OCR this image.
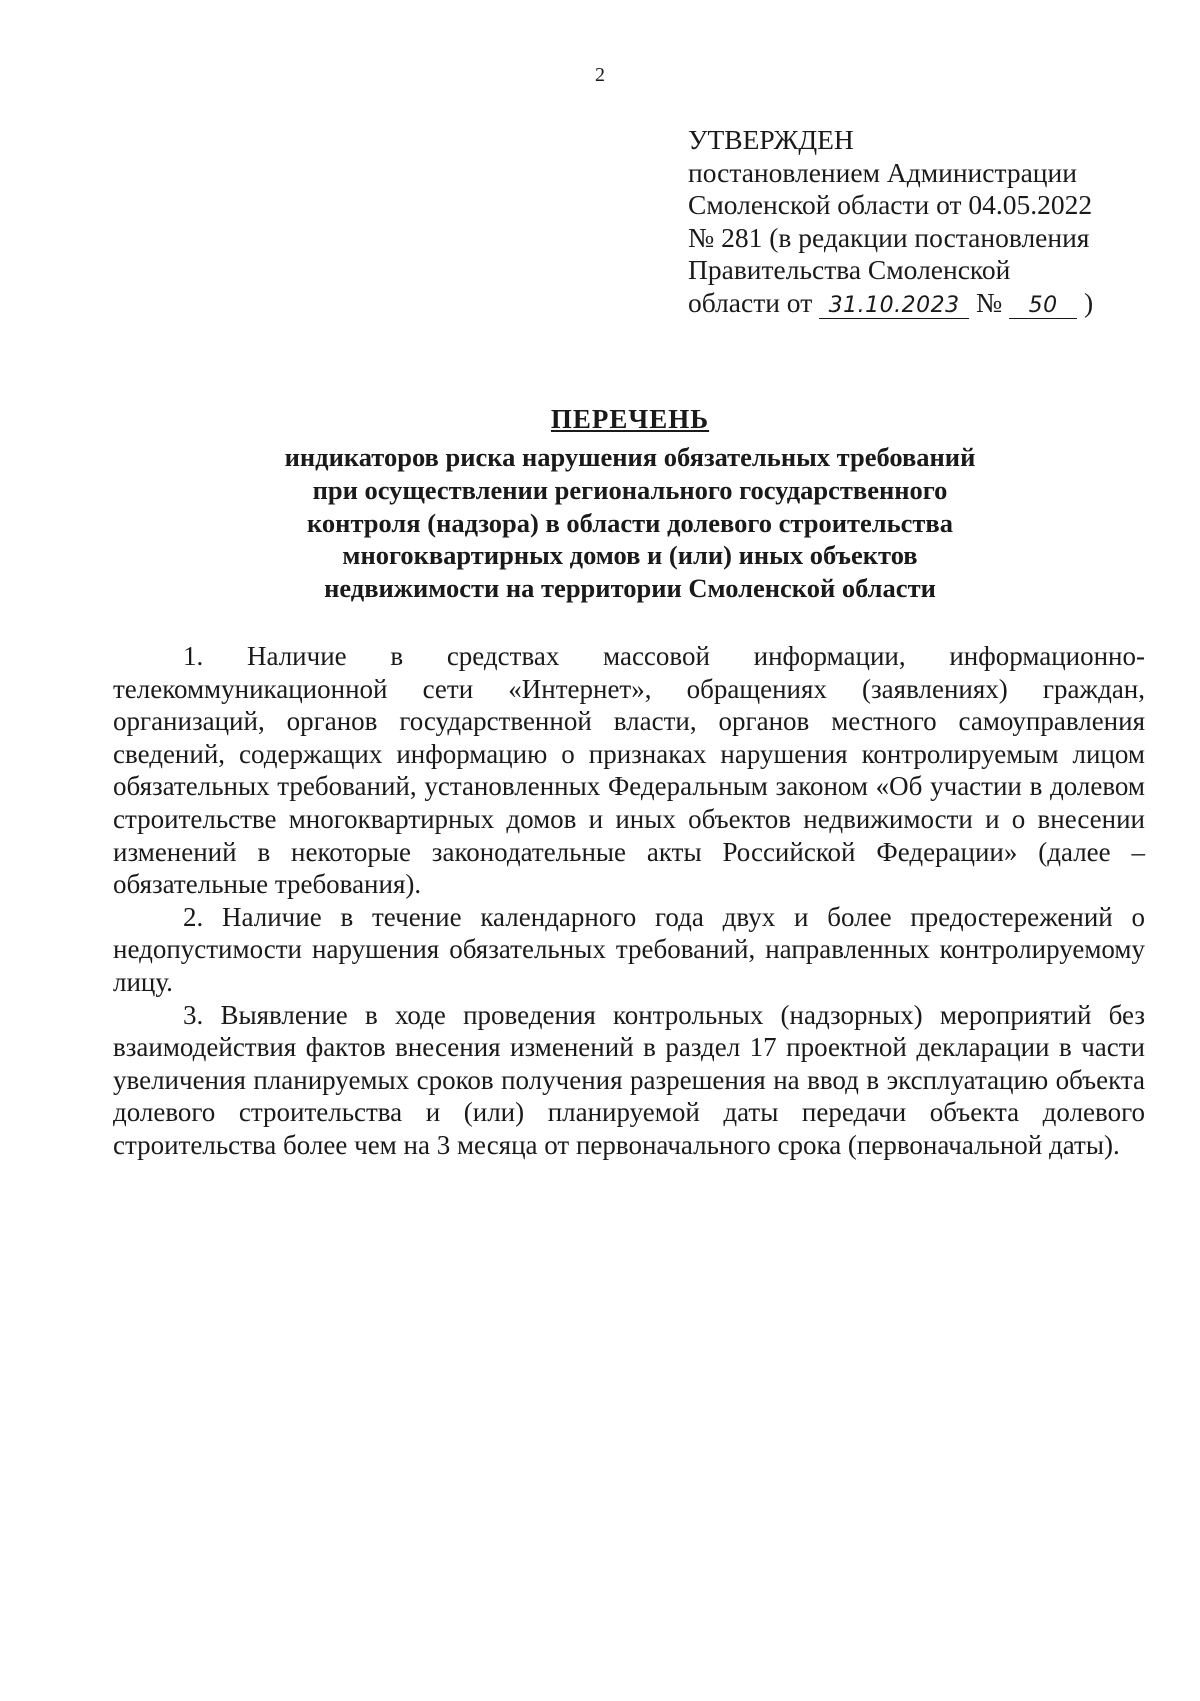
2
УТВЕРЖДЕН
постановлением Администрации
Смоленской области от 04.05.2022
№ 281 (в редакции постановления
Правительства Смоленской
области от 31.10.2023 № 50 )
ПЕРЕЧЕНЬ
индикаторов риска нарушения обязательных требований
при осуществлении регионального государственного
контроля (надзора) в области долевого строительства
многоквартирных домов и (или) иных объектов
недвижимости на территории Смоленской области

1. Наличие в средствах массовой информации, информационно-телекоммуникационной сети «Интернет», обращениях (заявлениях) граждан, организаций, органов государственной власти, органов местного самоуправления сведений, содержащих информацию о признаках нарушения контролируемым лицом обязательных требований, установленных Федеральным законом «Об участии в долевом строительстве многоквартирных домов и иных объектов недвижимости и о внесении изменений в некоторые законодательные акты Российской Федерации» (далее – обязательные требования).

2. Наличие в течение календарного года двух и более предостережений о недопустимости нарушения обязательных требований, направленных контролируемому лицу.

3. Выявление в ходе проведения контрольных (надзорных) мероприятий без взаимодействия фактов внесения изменений в раздел 17 проектной декларации в части увеличения планируемых сроков получения разрешения на ввод в эксплуатацию объекта долевого строительства и (или) планируемой даты передачи объекта долевого строительства более чем на 3 месяца от первоначального срока (первоначальной даты).
